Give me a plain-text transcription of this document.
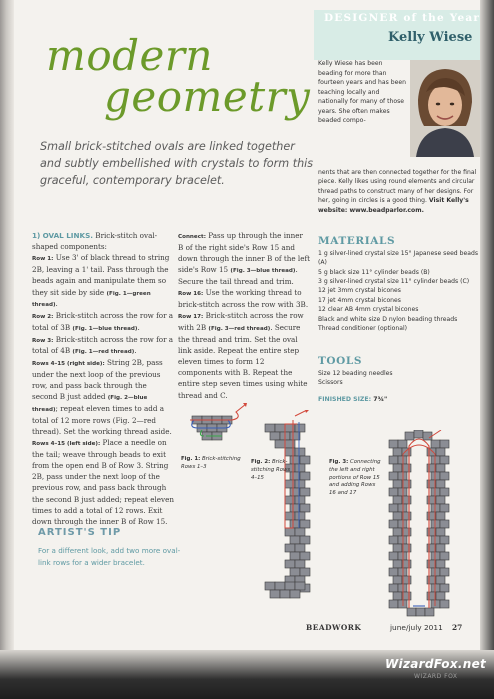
modern
geometry
Small brick-stitched ovals are linked together and subtly embellished with crystals to form this graceful, contemporary bracelet.
DESIGNER of the Year
Kelly Wiese
Kelly Wiese has been beading for more than fourteen years and has been teaching locally and nationally for many of those years. She often makes beaded compo-
nents that are then connected together for the final piece. Kelly likes using round elements and circular thread paths to construct many of her designs. For her, going in circles is a good thing. Visit Kelly's website: www.beadparlor.com.
MATERIALS
1 g silver-lined crystal size 15° Japanese seed beads (A)
5 g black size 11° cylinder beads (B)
3 g silver-lined crystal size 11° cylinder beads (C)
12 jet 3mm crystal bicones
17 jet 4mm crystal bicones
12 clear AB 4mm crystal bicones
Black and white size D nylon beading threads
Thread conditioner (optional)
TOOLS
Size 12 beading needles
Scissors
FINISHED SIZE: 7¾"
1) OVAL LINKS. Brick-stitch oval-shaped components:
Row 1: Use 3' of black thread to string 2B, leaving a 1' tail. Pass through the beads again and manipulate them so they sit side by side (Fig. 1—green thread).
Row 2: Brick-stitch across the row for a total of 3B (Fig. 1—blue thread).
Row 3: Brick-stitch across the row for a total of 4B (Fig. 1—red thread).
Rows 4–15 (right side): String 2B, pass under the next loop of the previous row, and pass back through the second B just added (Fig. 2—blue thread); repeat eleven times to add a total of 12 more rows (Fig. 2—red thread). Set the working thread aside.
Rows 4–15 (left side): Place a needle on the tail; weave through beads to exit from the open end B of Row 3. String 2B, pass under the next loop of the previous row, and pass back through the second B just added; repeat eleven times to add a total of 12 rows. Exit down through the inner B of Row 15.
Connect: Pass up through the inner B of the right side's Row 15 and down through the inner B of the left side's Row 15 (Fig. 3—blue thread). Secure the tail thread and trim.
Row 16: Use the working thread to brick-stitch across the row with 3B.
Row 17: Brick-stitch across the row with 2B (Fig. 3—red thread). Secure the thread and trim. Set the oval link aside. Repeat the entire step eleven times to form 12 components with B. Repeat the entire step seven times using white thread and C.
Fig. 1: Brick-stitching Rows 1–3
Fig. 2: Brick-stitching Rows 4–15
Fig. 3: Connecting the left and right portions of Row 15 and adding Rows 16 and 17
ARTIST'S TIP
For a different look, add two more oval-link rows for a wider bracelet.
BEADWORK	june/july 2011 27
WizardFox.net
WIZARD FOX
